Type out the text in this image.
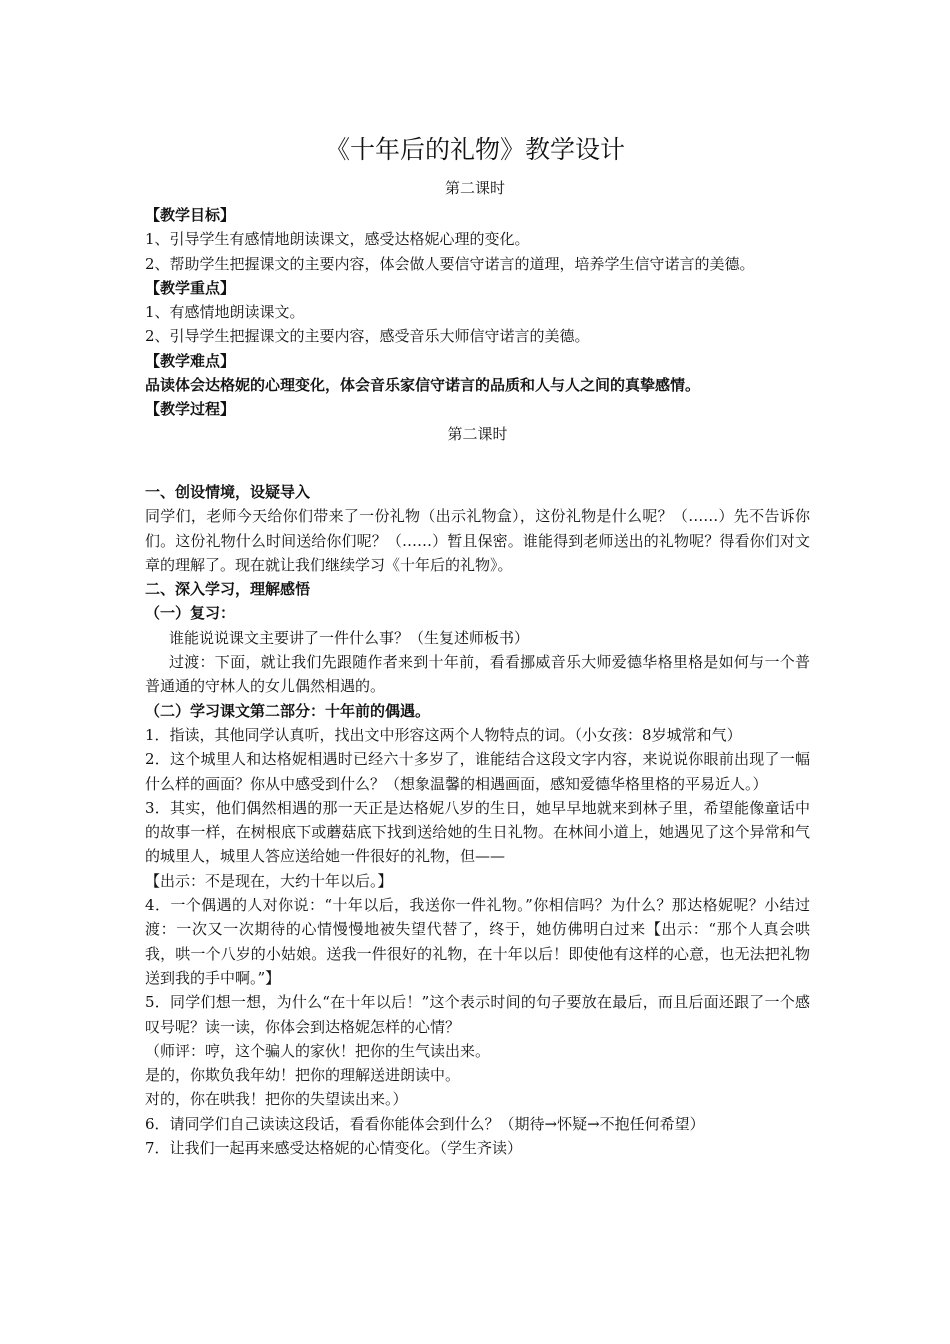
《十年后的礼物》教学设计
第二课时

【教学目标】

1、引导学生有感情地朗读课文，感受达格妮心理的变化。

2、帮助学生把握课文的主要内容，体会做人要信守诺言的道理，培养学生信守诺言的美德。

【教学重点】

1、有感情地朗读课文。

2、引导学生把握课文的主要内容，感受音乐大师信守诺言的美德。

【教学难点】

品读体会达格妮的心理变化，体会音乐家信守诺言的品质和人与人之间的真挚感情。

【教学过程】

第二课时

一、创设情境，设疑导入

同学们，老师今天给你们带来了一份礼物（出示礼物盒），这份礼物是什么呢？（……）先不告诉你们。这份礼物什么时间送给你们呢？（……）暂且保密。谁能得到老师送出的礼物呢？得看你们对文章的理解了。现在就让我们继续学习《十年后的礼物》。

二、深入学习，理解感悟

（一）复习：

谁能说说课文主要讲了一件什么事？（生复述师板书）

过渡：下面，就让我们先跟随作者来到十年前，看看挪威音乐大师爱德华格里格是如何与一个普普通通的守林人的女儿偶然相遇的。

（二）学习课文第二部分：十年前的偶遇。

1．指读，其他同学认真听，找出文中形容这两个人物特点的词。（小女孩：8岁城常和气）

2．这个城里人和达格妮相遇时已经六十多岁了，谁能结合这段文字内容，来说说你眼前出现了一幅什么样的画面？你从中感受到什么？（想象温馨的相遇画面，感知爱德华格里格的平易近人。）

3．其实，他们偶然相遇的那一天正是达格妮八岁的生日，她早早地就来到林子里，希望能像童话中的故事一样，在树根底下或蘑菇底下找到送给她的生日礼物。在林间小道上，她遇见了这个异常和气的城里人，城里人答应送给她一件很好的礼物，但——

【出示：不是现在，大约十年以后。】

4．一个偶遇的人对你说：“十年以后，我送你一件礼物。”你相信吗？为什么？那达格妮呢？小结过渡：一次又一次期待的心情慢慢地被失望代替了，终于，她仿佛明白过来【出示：“那个人真会哄我，哄一个八岁的小姑娘。送我一件很好的礼物，在十年以后！即使他有这样的心意，也无法把礼物送到我的手中啊。”】

5．同学们想一想，为什么“在十年以后！”这个表示时间的句子要放在最后，而且后面还跟了一个感叹号呢？读一读，你体会到达格妮怎样的心情？

（师评：哼，这个骗人的家伙！把你的生气读出来。

是的，你欺负我年幼！把你的理解送进朗读中。

对的，你在哄我！把你的失望读出来。）

6．请同学们自己读读这段话，看看你能体会到什么？（期待→怀疑→不抱任何希望）

7．让我们一起再来感受达格妮的心情变化。（学生齐读）
